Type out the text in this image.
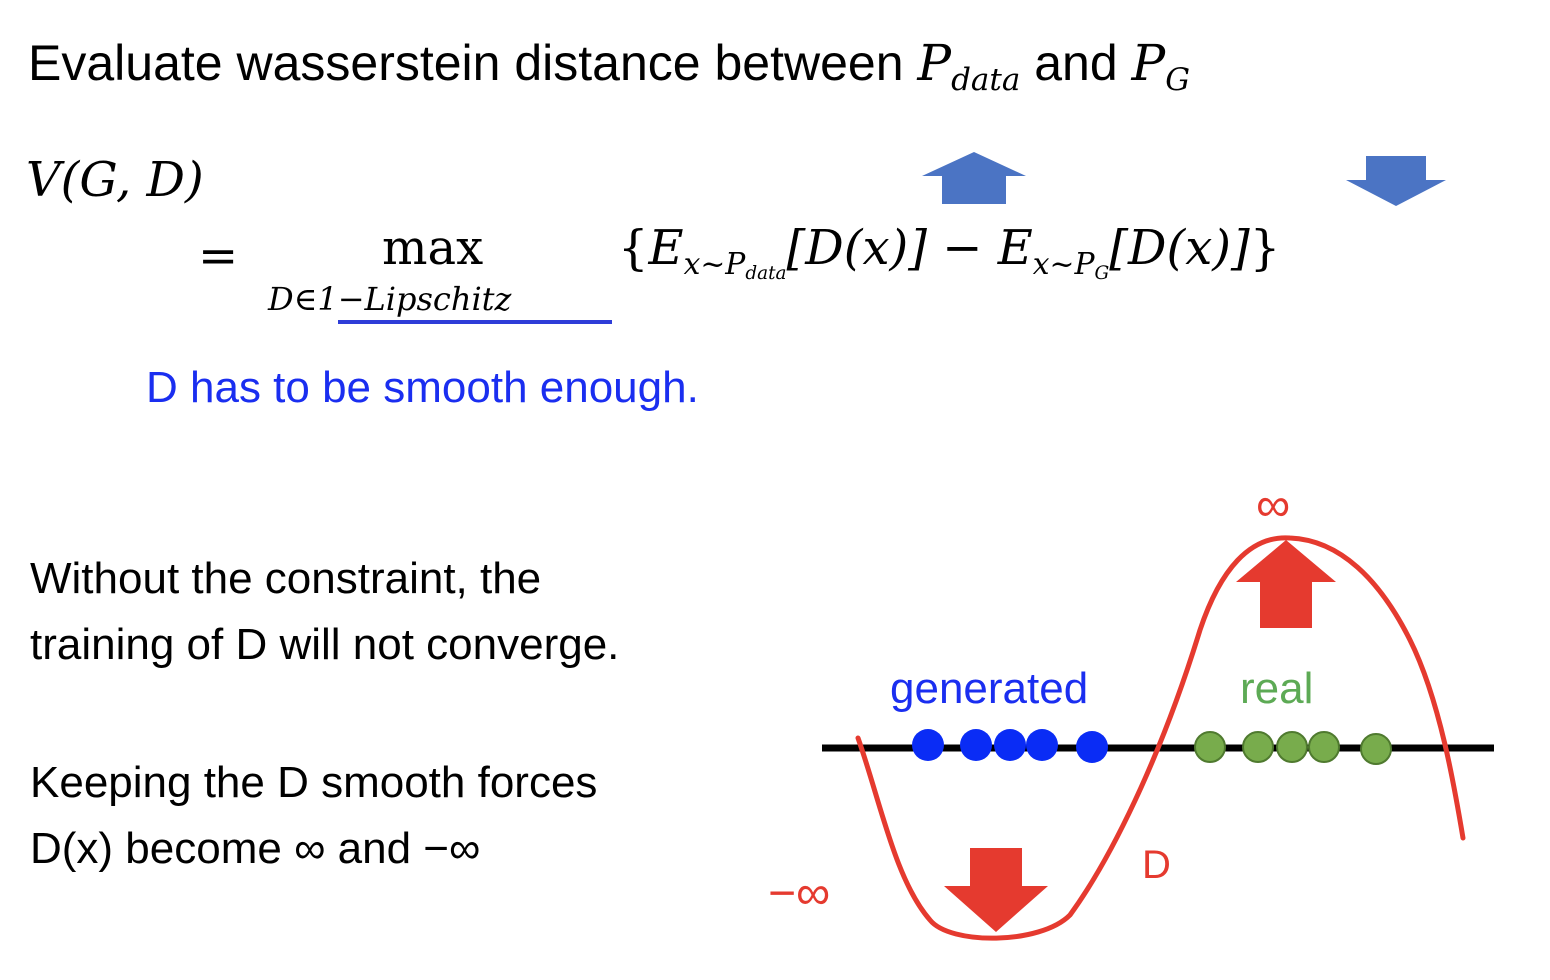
Evaluate wasserstein distance between Pdata and PG
V(G, D)
=	max
D∈1−Lipschitz
{Ex~Pdata[D(x)] − Ex~PG[D(x)]}
D has to be smooth enough.
Without the constraint, the
training of D will not converge.
Keeping the D smooth forces
D(x) become ∞ and −∞
generated	real
D
∞
−∞
